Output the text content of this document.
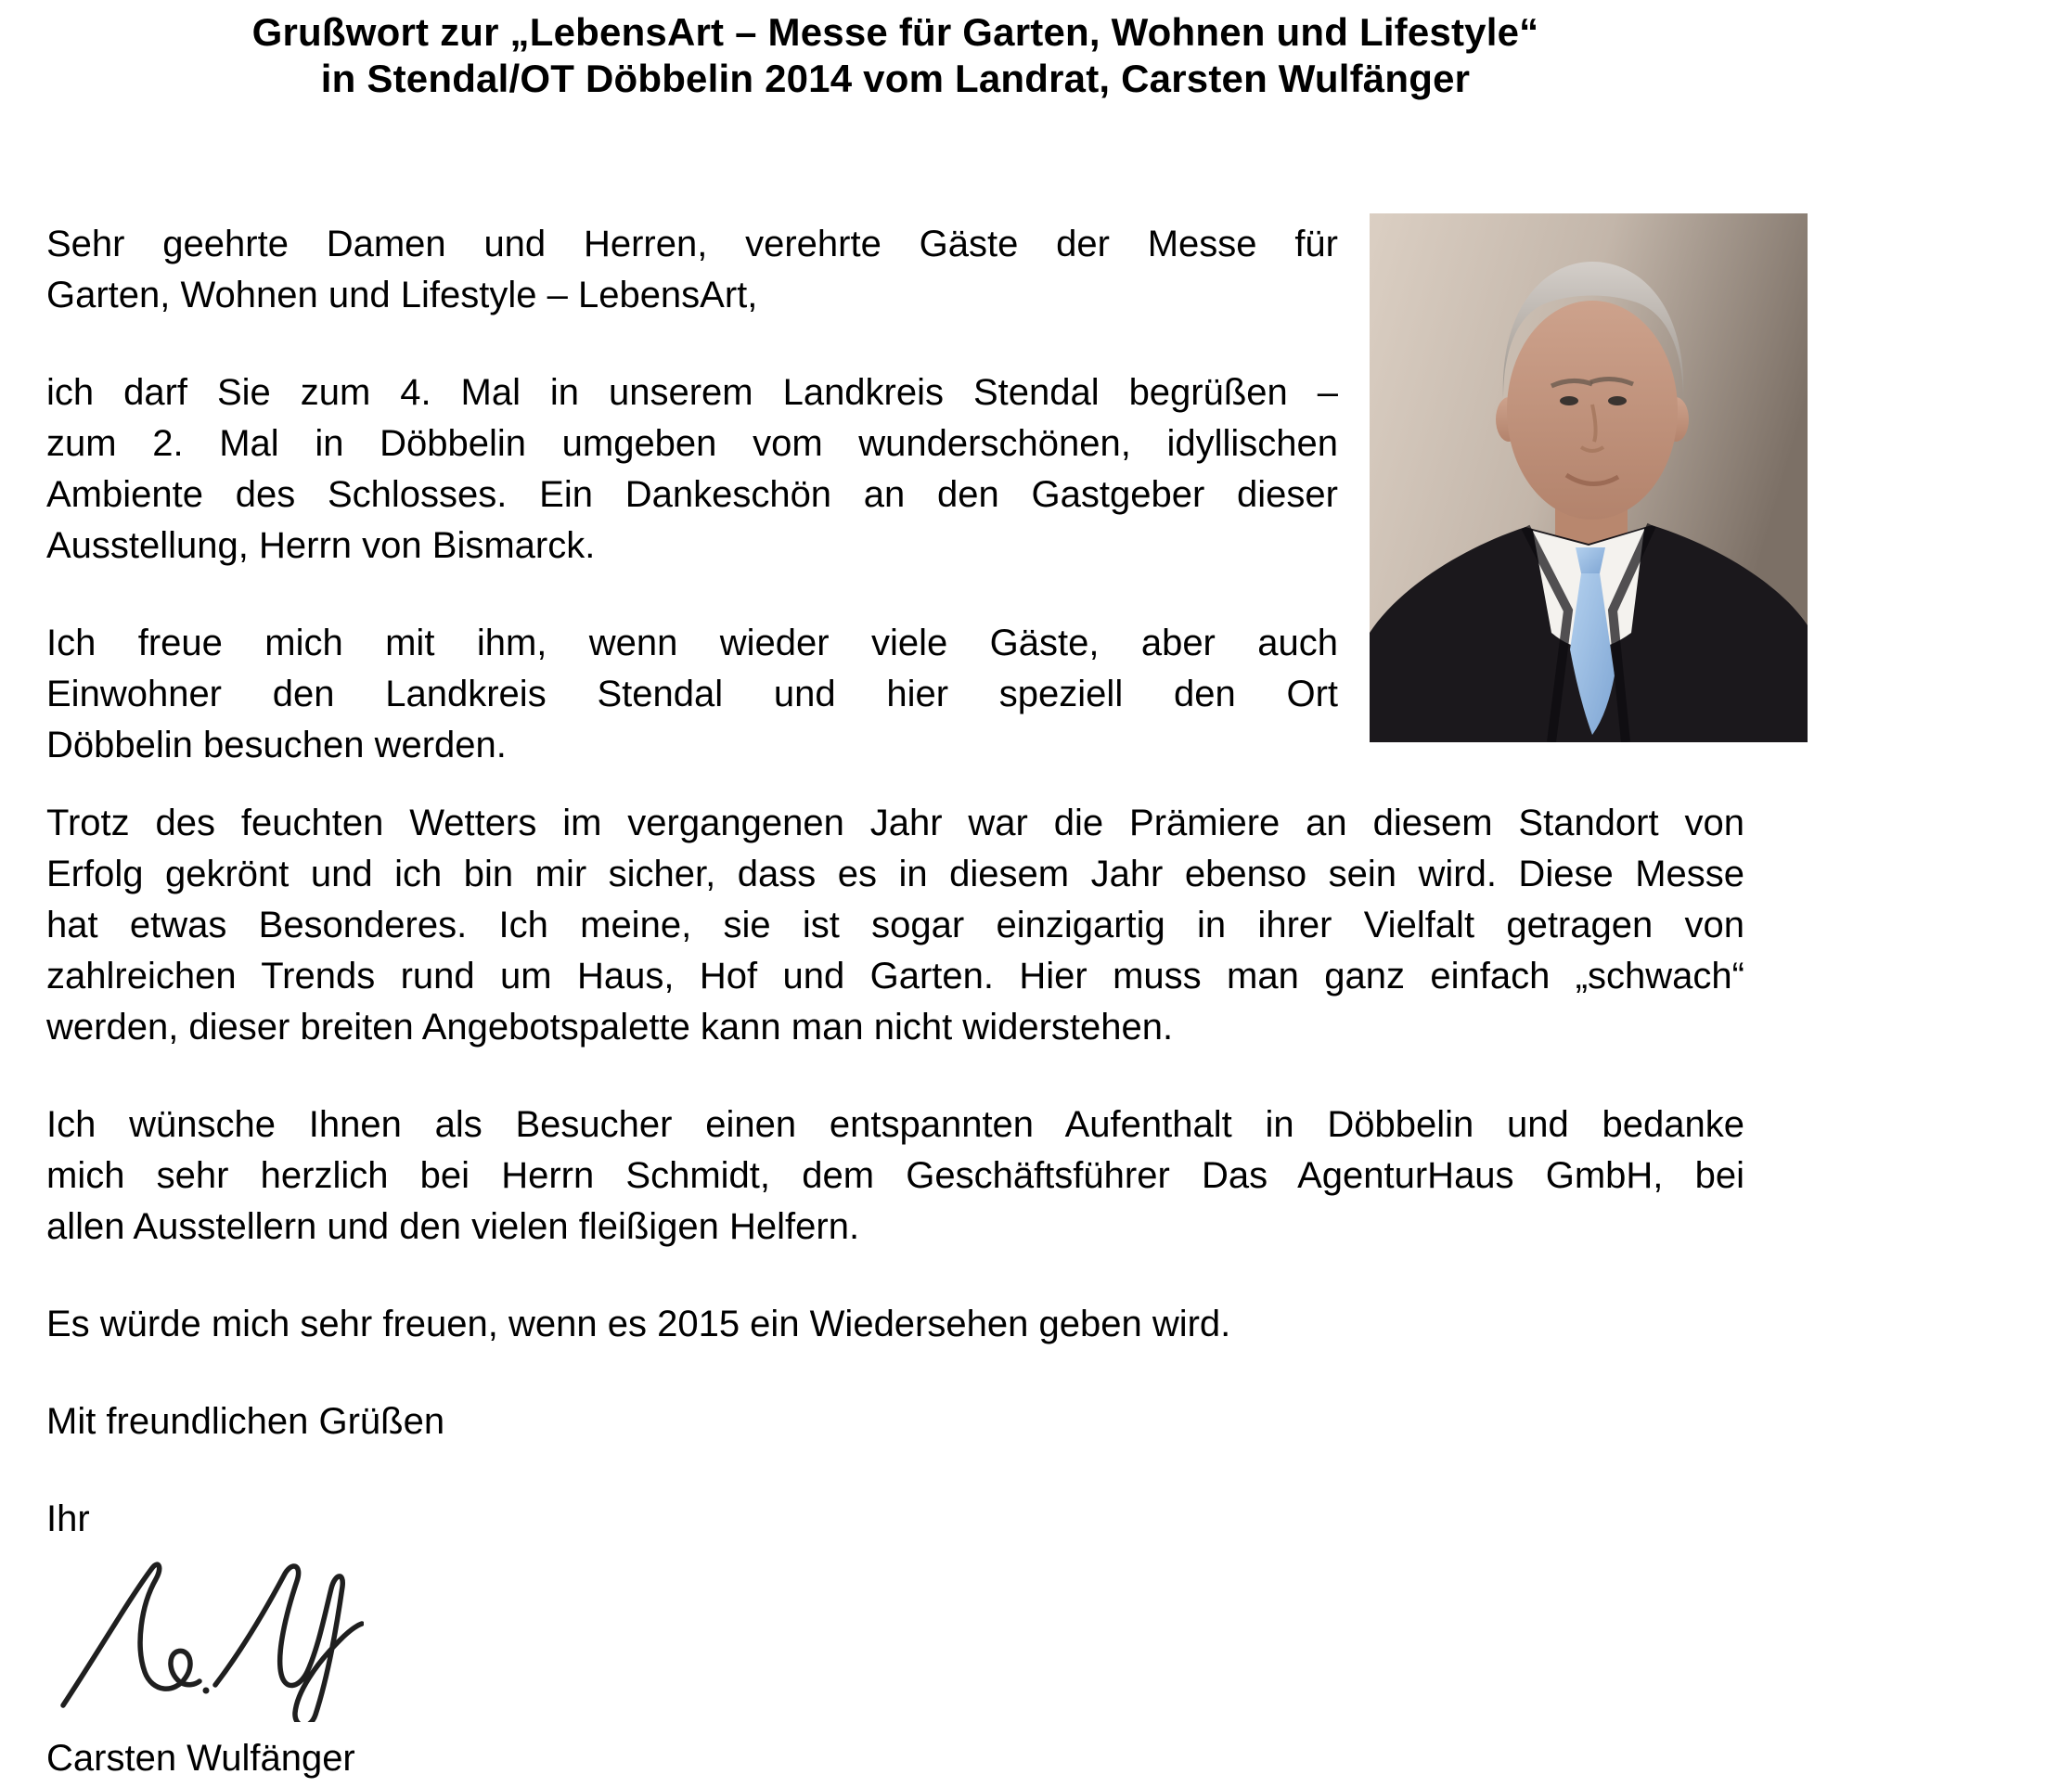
Grußwort zur „LebensArt – Messe für Garten, Wohnen und Lifestyle“
in Stendal/OT Döbbelin 2014 vom Landrat, Carsten Wulfänger
Sehr geehrte Damen und Herren, verehrte Gäste der Messe für
Garten, Wohnen und Lifestyle – LebensArt,
ich darf Sie zum 4. Mal in unserem Landkreis Stendal begrüßen –
zum 2. Mal in Döbbelin umgeben vom wunderschönen, idyllischen
Ambiente des Schlosses. Ein Dankeschön an den Gastgeber dieser
Ausstellung, Herrn von Bismarck.
Ich freue mich mit ihm, wenn wieder viele Gäste, aber auch
Einwohner den Landkreis Stendal und hier speziell den Ort
Döbbelin besuchen werden.
Trotz des feuchten Wetters im vergangenen Jahr war die Prämiere an diesem Standort von
Erfolg gekrönt und ich bin mir sicher, dass es in diesem Jahr ebenso sein wird. Diese Messe
hat etwas Besonderes. Ich meine, sie ist sogar einzigartig in ihrer Vielfalt getragen von
zahlreichen Trends rund um Haus, Hof und Garten. Hier muss man ganz einfach „schwach“
werden, dieser breiten Angebotspalette kann man nicht widerstehen.
Ich wünsche Ihnen als Besucher einen entspannten Aufenthalt in Döbbelin und bedanke
mich sehr herzlich bei Herrn Schmidt, dem Geschäftsführer Das AgenturHaus GmbH, bei
allen Ausstellern und den vielen fleißigen Helfern.
Es würde mich sehr freuen, wenn es 2015 ein Wiedersehen geben wird.
Mit freundlichen Grüßen
Ihr
Carsten Wulfänger
